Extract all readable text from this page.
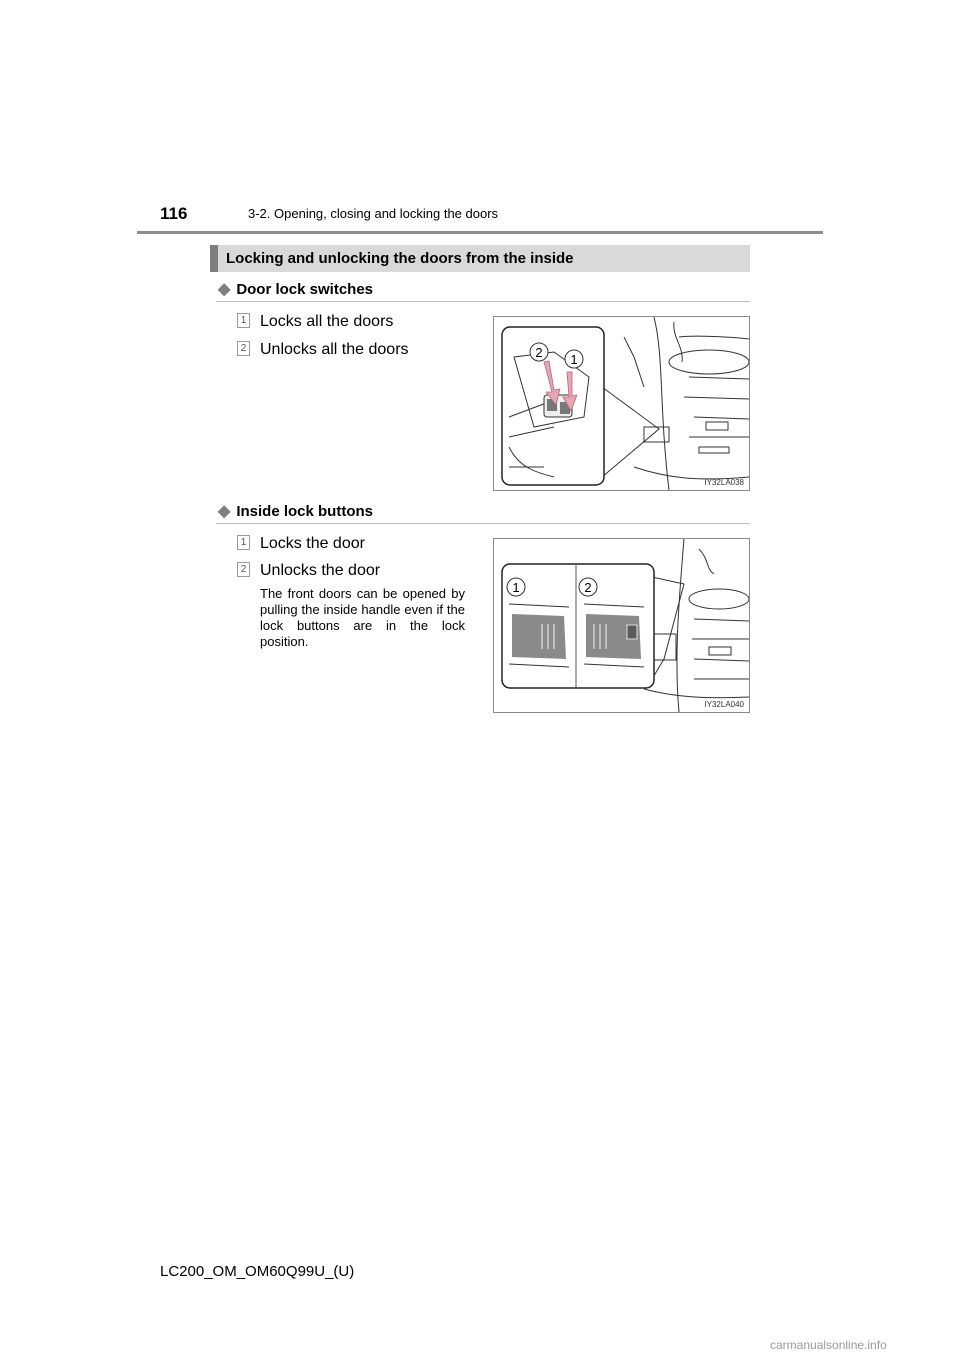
116	3-2. Opening, closing and locking the doors
Locking and unlocking the doors from the inside
◆ Door lock switches
1 Locks all the doors
2 Unlocks all the doors	2 1
IY32LA038
◆ Inside lock buttons
1 Locks the door
2 Unlocks the door
The front doors can be opened by pulling the inside handle even if the lock buttons are in the lock position.
1	2
IY32LA040
LC200_OM_OM60Q99U_(U)
carmanualsonline.info
